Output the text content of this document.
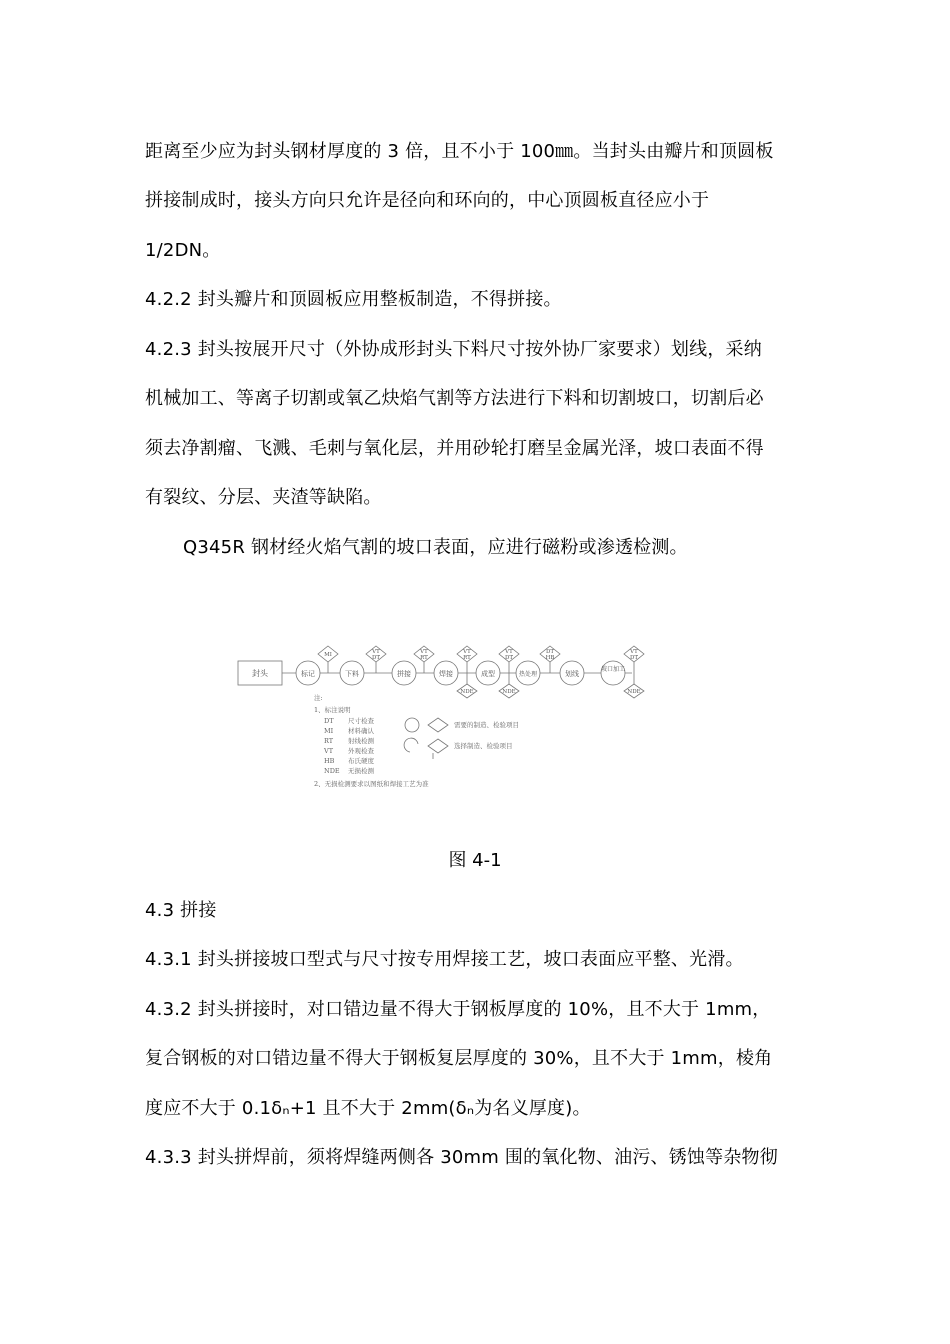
距离至少应为封头钢材厚度的 3 倍，且不小于 100㎜。当封头由瓣片和顶圆板
拼接制成时，接头方向只允许是径向和环向的，中心顶圆板直径应小于
1/2DN。
4.2.2 封头瓣片和顶圆板应用整板制造，不得拼接。
4.2.3 封头按展开尺寸（外协成形封头下料尺寸按外协厂家要求）划线，采纳
机械加工、等离子切割或氧乙炔焰气割等方法进行下料和切割坡口，切割后必
须去净割瘤、飞溅、毛刺与氧化层，并用砂轮打磨呈金属光泽，坡口表面不得
有裂纹、分层、夹渣等缺陷。
Q345R 钢材经火焰气割的坡口表面，应进行磁粉或渗透检测。
封头	标记	下料	拼接	焊接	成型	热处理	划线
坡口加工
MI	VT
DT
VT
RT
VT
RT
VT
DT
DT
HB
VT
DT
NDE	NDE	NDE
注:
1、标注说明
DT 尺寸检查
MI 材料确认
RT 射线检测
VT 外观检查
HB 布氏硬度
NDE 无损检测
2、无损检测要求以图纸和焊接工艺为准
需要的制造、检验项目
选择制造、检验项目
图 4-1
4.3 拼接
4.3.1 封头拼接坡口型式与尺寸按专用焊接工艺，坡口表面应平整、光滑。
4.3.2 封头拼接时，对口错边量不得大于钢板厚度的 10%，且不大于 1mm，
复合钢板的对口错边量不得大于钢板复层厚度的 30%，且不大于 1mm，棱角
度应不大于 0.1δₙ+1 且不大于 2mm(δₙ为名义厚度)。
4.3.3 封头拼焊前，须将焊缝两侧各 30mm 围的氧化物、油污、锈蚀等杂物彻
